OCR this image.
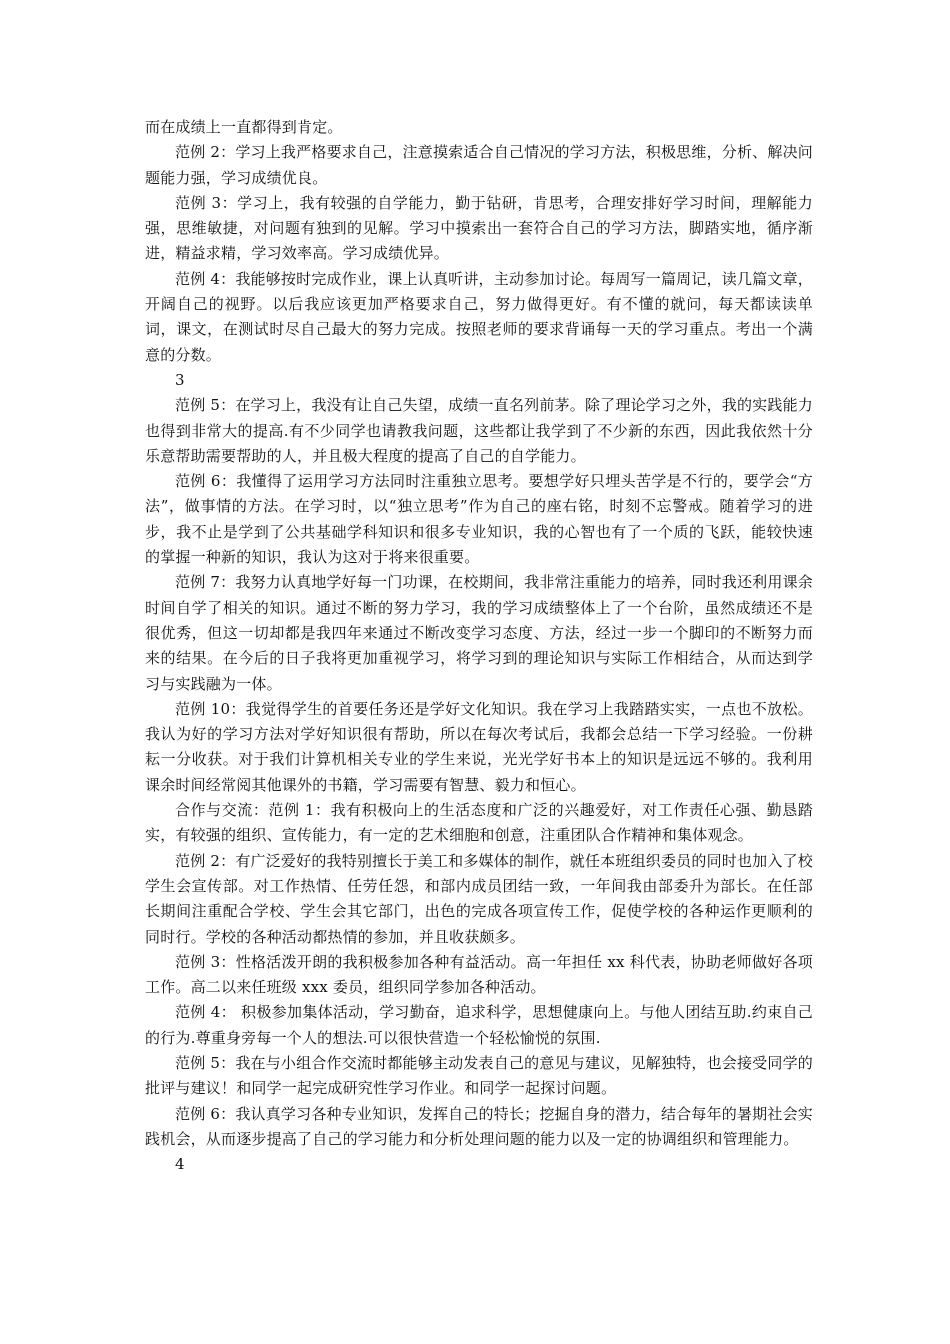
而在成绩上一直都得到肯定。

范例 2：学习上我严格要求自己，注意摸索适合自己情况的学习方法，积极思维，分析、解决问题能力强，学习成绩优良。

范例 3：学习上，我有较强的自学能力，勤于钻研，肯思考，合理安排好学习时间，理解能力强，思维敏捷，对问题有独到的见解。学习中摸索出一套符合自己的学习方法，脚踏实地，循序渐进，精益求精，学习效率高。学习成绩优异。

范例 4：我能够按时完成作业，课上认真听讲，主动参加讨论。每周写一篇周记，读几篇文章，开阔自己的视野。以后我应该更加严格要求自己，努力做得更好。有不懂的就问，每天都读读单词，课文，在测试时尽自己最大的努力完成。按照老师的要求背诵每一天的学习重点。考出一个满意的分数。

3

范例 5：在学习上，我没有让自己失望，成绩一直名列前茅。除了理论学习之外，我的实践能力也得到非常大的提高.有不少同学也请教我问题，这些都让我学到了不少新的东西，因此我依然十分乐意帮助需要帮助的人，并且极大程度的提高了自己的自学能力。

范例 6：我懂得了运用学习方法同时注重独立思考。要想学好只埋头苦学是不行的，要学会“方法”，做事情的方法。在学习时，以“独立思考”作为自己的座右铭，时刻不忘警戒。随着学习的进步，我不止是学到了公共基础学科知识和很多专业知识，我的心智也有了一个质的飞跃，能较快速的掌握一种新的知识，我认为这对于将来很重要。

范例 7：我努力认真地学好每一门功课，在校期间，我非常注重能力的培养，同时我还利用课余时间自学了相关的知识。通过不断的努力学习，我的学习成绩整体上了一个台阶，虽然成绩还不是很优秀，但这一切却都是我四年来通过不断改变学习态度、方法，经过一步一个脚印的不断努力而来的结果。在今后的日子我将更加重视学习，将学习到的理论知识与实际工作相结合，从而达到学习与实践融为一体。

范例 10：我觉得学生的首要任务还是学好文化知识。我在学习上我踏踏实实，一点也不放松。我认为好的学习方法对学好知识很有帮助，所以在每次考试后，我都会总结一下学习经验。一份耕耘一分收获。对于我们计算机相关专业的学生来说，光光学好书本上的知识是远远不够的。我利用课余时间经常阅其他课外的书籍，学习需要有智慧、毅力和恒心。

合作与交流：范例 1：我有积极向上的生活态度和广泛的兴趣爱好，对工作责任心强、勤恳踏实，有较强的组织、宣传能力，有一定的艺术细胞和创意，注重团队合作精神和集体观念。

范例 2：有广泛爱好的我特别擅长于美工和多媒体的制作，就任本班组织委员的同时也加入了校学生会宣传部。对工作热情、任劳任怨，和部内成员团结一致，一年间我由部委升为部长。在任部长期间注重配合学校、学生会其它部门，出色的完成各项宣传工作，促使学校的各种运作更顺利的同时行。学校的各种活动都热情的参加，并且收获颇多。

范例 3：性格活泼开朗的我积极参加各种有益活动。高一年担任 xx 科代表，协助老师做好各项工作。高二以来任班级 xxx 委员，组织同学参加各种活动。

范例 4： 积极参加集体活动，学习勤奋，追求科学，思想健康向上。与他人团结互助.约束自己的行为.尊重身旁每一个人的想法.可以很快营造一个轻松愉悦的氛围.

范例 5：我在与小组合作交流时都能够主动发表自己的意见与建议，见解独特，也会接受同学的批评与建议！和同学一起完成研究性学习作业。和同学一起探讨问题。

范例 6：我认真学习各种专业知识，发挥自己的特长；挖掘自身的潜力，结合每年的暑期社会实践机会，从而逐步提高了自己的学习能力和分析处理问题的能力以及一定的协调组织和管理能力。

4
